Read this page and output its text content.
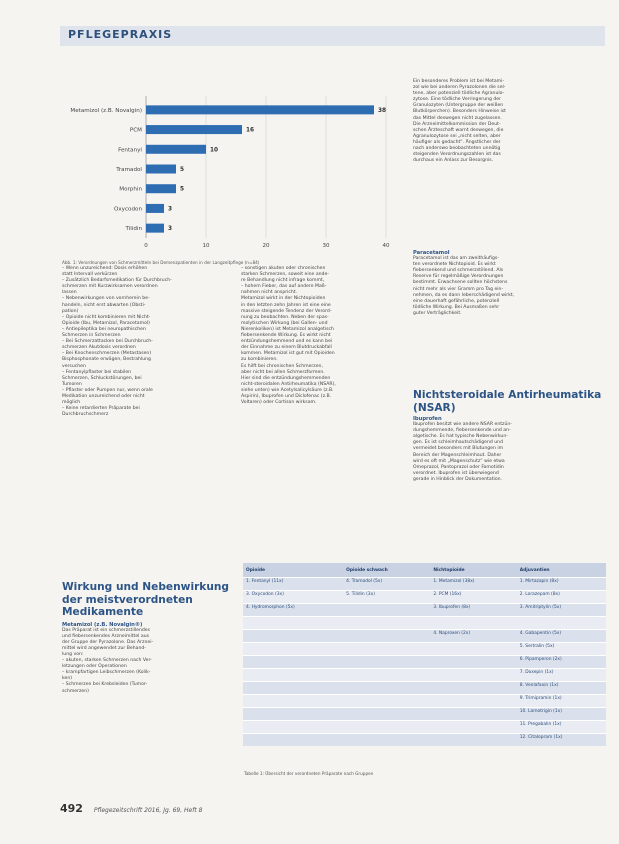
PFLEGEPRAXIS
0	10	20	30	40
Metamizol (z.B. Novalgin)	38
PCM	16
Fentanyl	10
Tramadol	5
Morphin	5
Oxycodon	3
Tilidin	3
Abb. 1: Verordnungen von Schmerzmitteln bei Demenzpatienten in der Langzeitpflege (n=84)
– Wenn unzureichend: Dosis erhöhen
statt Intervall verkürzen
– Zusätzlich Bedarfsmedikation für Durchbruch-
schmerzen mit Kurzwirksamen verordnen
lassen
– Nebenwirkungen von vornherein be-
handeln, nicht erst abwarten (Obsti-
pation)
– Opioide nicht kombinieren mit Nicht-
Opioide (Ibu, Metamizol, Paracetamol)
– Antiepileptika bei neuropathischen
Schmerzen in Schmerzen
– Bei Schmerzattacken bei Durchbruch-
schmerzen Akutdosis verordnen
– Bei Knochenschmerzen (Metastasen)
Bisphosphonate erwägen, Bestrahlung
versuchen
– Fentanylpflaster bei stabilen
Schmerzen, Schluckstörungen, bei
Tumoren
– Pflaster oder Pumpen nur, wenn orale
Medikation unzureichend oder nicht
möglich
– Keine retardierten Präparate bei
Durchbruchschmerz
Wirkung und Nebenwirkung der meistverordneten Medikamente
Metamizol (z.B. Novalgin®)
Das Präparat ist ein schmerzstillendes
und fiebersenkendes Arzneimittel aus
der Gruppe der Pyrazolone. Das Arznei-
mittel wird angewendet zur Behand-
lung von:
– akuten, starken Schmerzen nach Ver-
letzungen oder Operationen
– krampfartigen Leibschmerzen (Kolik-
ken)
– Schmerzen bei Krebsleiden (Tumor-
schmerzen)
– sonstigen akuten oder chronischen
starken Schmerzen, soweit eine ande-
re Behandlung nicht infrage kommt,
– hohem Fieber, das auf andere Maß-
nahmen nicht anspricht.
Metamizol wirkt in der Nichtopioiden
in den letzten zehn Jahren ist eine eine
massive steigende Tendenz der Verord-
nung zu beobachten. Neben der spas-
molytischen Wirkung (bei Gallen- und
Nierenkoliken) ist Metamizol analgetisch
fiebersenkende Wirkung. Es wirkt nicht
entzündungshemmend und es kann bei
der Einnahme zu einem Blutdruckabfall
kommen. Metamizol ist gut mit Opioiden
zu kombinieren.
Es hilft bei chronischen Schmerzen,
aber nicht bei allen Schmerzformen.
Hier sind die entzündungshemmenden
nicht-steroidalen Antirheumatika (NSAR),
siehe unten) wie Acetylsalicylsäure (z.B.
Aspirin), Ibuprofen und Diclofenac (z.B.
Voltaren) oder Cortison wirksam.
Ein besonderes Problem ist bei Metami-
zol wie bei anderen Pyrazolonen die sel-
tene, aber potenziell tödliche Agranulo-
zytose. Eine tödliche Verringerung der
Granulozyten (Untergruppe der weißen
Blutkörperchen). Besonders Hinweise ist
das Mittel deswegen nicht zugelassen.
Die Arzneimittelkommission der Deut-
schen Ärzteschaft warnt deswegen, die
Agranulozytose sei „nicht selten, aber
häufiger als gedacht“. Ängstlicher der
nach anderswo beobachteten unnötig
steigenden Verordnungszahlen ist das
durchaus ein Anlass zur Besorgnis.
Paracetamol
Paracetamol ist das am zweithäufigs-
ten verordnete Nichtopioid. Es wirkt
fiebersenkend und schmerzstillend. Als
Reserve für regelmäßige Verordnungen
bestimmt. Erwachsene sollten höchstens
nicht mehr als vier Gramm pro Tag ein-
nehmen, da es dann leberschädigend wirkt,
eine dauerhaft gefährliche, potenziell
tödliche Wirkung. Bei Ausmaßen sehr
guter Verträglichkeit.
Nichtsteroidale Antirheumatika (NSAR)
Ibuprofen
Ibuprofen besitzt wie andere NSAR entzün-
dungshemmende, fiebersenkende und an-
algetische. Es hat typische Nebenwirkun-
gen. Es ist schleimhautschädigend und
vermeidet besonders mit Blutungen im
Bereich der Magenschleimhaut. Daher
wird es oft mit „Magenschutz“ wie etwa
Omeprazol, Pantoprazol oder Famotidin
verordnet. Ibuprofen ist überwiegend
gerade in Hinblick der Dokumentation.
Opioide	Opioide schwach	Nichtopioide	Adjuvantien
1. Fentanyl (11x)	4. Tramadol (5x)	1. Metamizol (38x)	1. Mirtazapin (8x)
3. Oxycodon (3x)	5. Tilidin (3x)	2. PCM (16x)	2. Lorazepam (8x)
4. Hydromorphon (5x)		3. Ibuprofen (8x)	3. Amitriptylin (5x)

		4. Naproxen (2x)	4. Gabapentin (5x)
			5. Sertralin (5x)
			6. Pipamperon (2x)
			7. Doxepin (1x)
			8. Venlafaxin (1x)
			9. Trimipramin (1x)
			10. Lamotrigin (1x)
			11. Pregabalin (1x)
			12. Citalopram (1x)
Tabelle 1: Übersicht der verordneten Präparate nach Gruppen
492 Pflegezeitschrift 2016, Jg. 69, Heft 8
